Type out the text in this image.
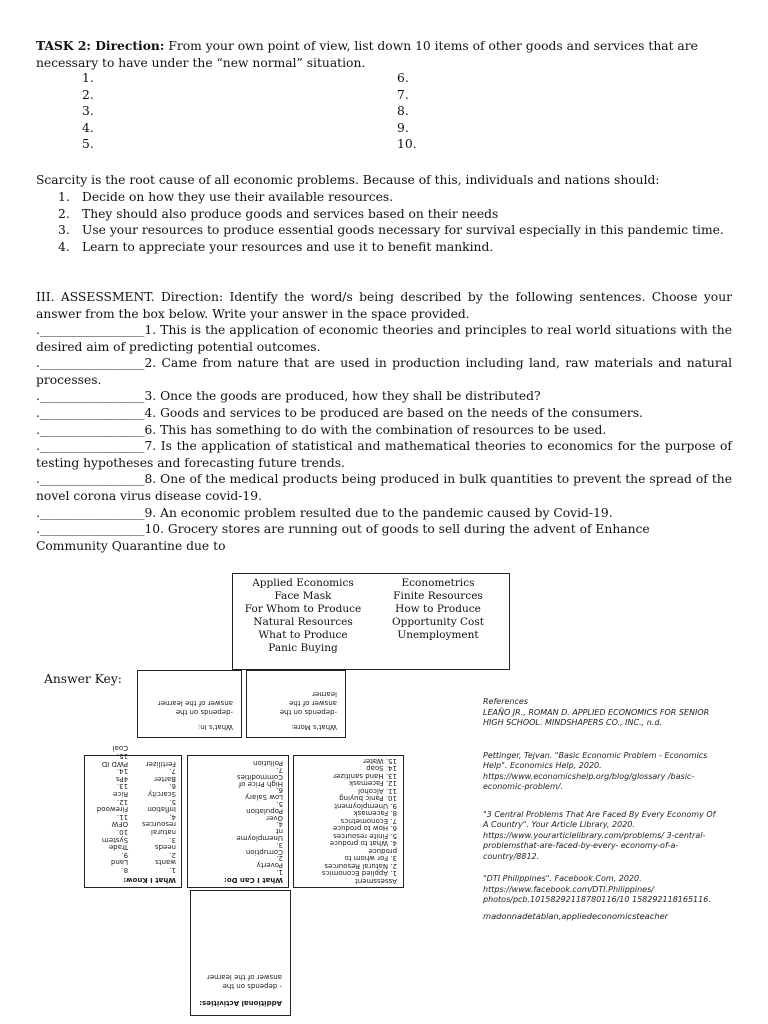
TASK 2: Direction: From your own point of view, list down 10 items of other goods and services that are necessary to have under the “new normal” situation.
1.
2.
3.
4.
5.
6.
7.
8.
9.
10.
Scarcity is the root cause of all economic problems. Because of this, individuals and nations should:
1. Decide on how they use their available resources.
2. They should also produce goods and services based on their needs
3. Use your resources to produce essential goods necessary for survival especially in this pandemic time.
4. Learn to appreciate your resources and use it to benefit mankind.
III. ASSESSMENT. Direction: Identify the word/s being described by the following sentences. Choose your answer from the box below. Write your answer in the space provided.
._________________1. This is the application of economic theories and principles to real world situations with the desired aim of predicting potential outcomes.
._________________2. Came from nature that are used in production including land, raw materials and natural processes.
._________________3. Once the goods are produced, how they shall be distributed?
._________________4. Goods and services to be produced are based on the needs of the consumers.
._________________6. This has something to do with the combination of resources to be used.
._________________7. Is the application of statistical and mathematical theories to economics for the purpose of testing hypotheses and forecasting future trends.
._________________8. One of the medical products being produced in bulk quantities to prevent the spread of the novel corona virus disease covid-19.
._________________9. An economic problem resulted due to the pandemic caused by Covid-19.
._________________10. Grocery stores are running out of goods to sell during the advent of Enhance Community Quarantine due to
Applied Economics
Face Mask
For Whom to Produce
Natural Resources
What to Produce
Panic Buying
Econometrics
Finite Resources
How to Produce
Opportunity Cost
Unemployment
Answer Key:
What's In:
-depends on the
answer of the learner
What's More:
-depends on the
answer of the
learner
What I Know:
1.
wants
2.
needs
3.
natural
resources
4.
Inflation
5.
Scarcity
6.
Barter
7.
Fertilizer
8.
Land
9.
Trade
System
10.
OFW
11.
Firewood
12.
Rice
13.
4Ps
14.
PWD ID
15.
Coal
What I Can Do:
1.
Poverty
2.
Corruption
3.
Unemployme
nt
4.
Over
Population
5.
Low Salary
6.
High Price of
Commodities
7.
Pollution
Assessment
1. Applied Economics
2. Natural Resources
3. For whom to
produce
4. What to produce
5. Finite resources
6. How to produce
7. Econometrics
8. Facemask
9. Unemployment
10. Panic buying
11. Alcohol
12. Facemask
13. Hand sanitizer
14. Soap
15. Water
Additional Activities:
- depends on the
answer of the learner
References
LEAÑO JR., ROMAN D. APPLIED ECONOMICS FOR SENIOR HIGH SCHOOL. MINDSHAPERS CO., INC., n.d.
Pettinger, Tejvan. "Basic Economic Problem - Economics Help". Economics Help, 2020. https://www.economicshelp.org/blog/glossary /basic-economic-problem/.
"3 Central Problems That Are Faced By Every Economy Of A Country". Your Article Library, 2020. https://www.yourarticlelibrary.com/problems/ 3-central-problemsthat-are-faced-by-every- economy-of-a-country/8812.
"DTI Philippines". Facebook.Com, 2020. https://www.facebook.com/DTI.Philippines/ photos/pcb.10158292118780116/10 158292118165116.
madonnadetablan,appliedeconomicsteacher
